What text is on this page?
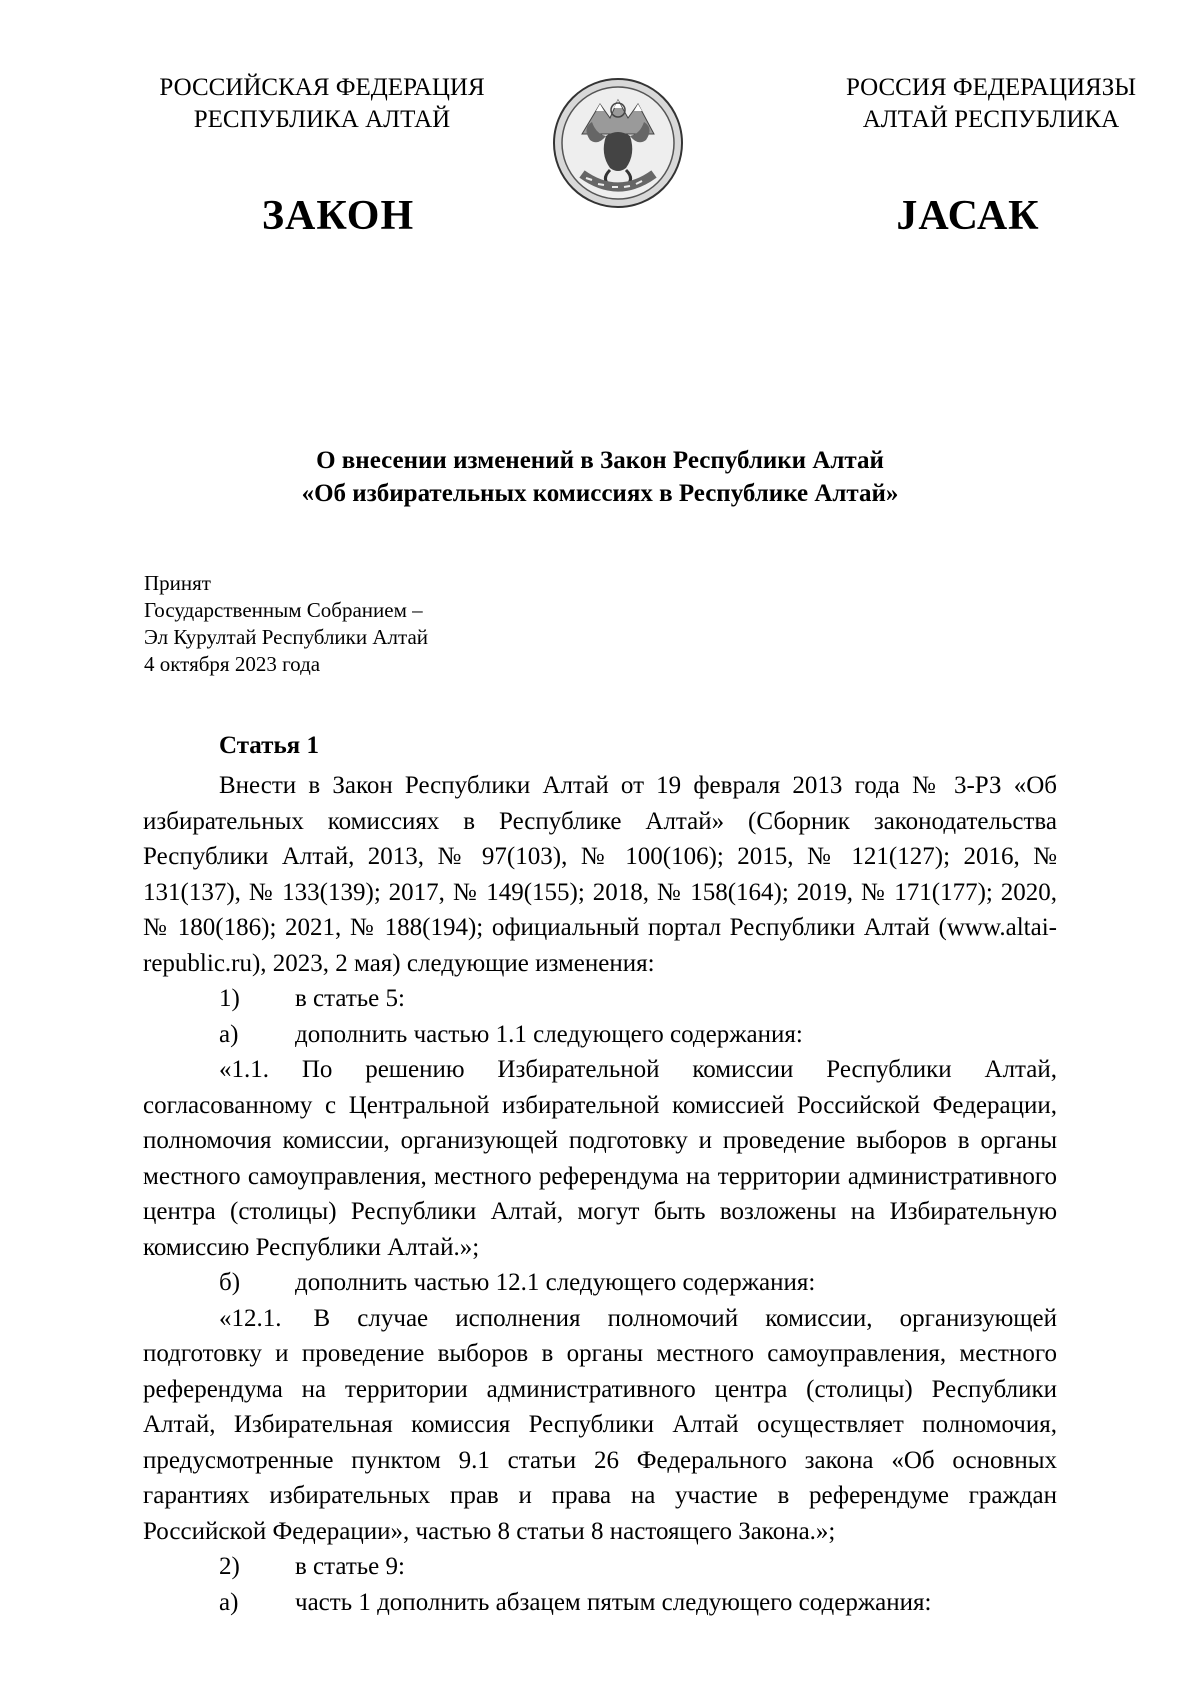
РОССИЙСКАЯ ФЕДЕРАЦИЯ
РЕСПУБЛИКА АЛТАЙ
РОССИЯ ФЕДЕРАЦИЯЗЫ
АЛТАЙ РЕСПУБЛИКА
ЗАКОН	JАСАК
О внесении изменений в Закон Республики Алтай
«Об избирательных комиссиях в Республике Алтай»
Принят
Государственным Собранием –
Эл Курултай Республики Алтай
4 октября 2023 года
Статья 1

Внести в Закон Республики Алтай от 19 февраля 2013 года № 3-РЗ «Об избирательных комиссиях в Республике Алтай» (Сборник законодательства Республики Алтай, 2013, № 97(103), № 100(106); 2015, № 121(127); 2016, № 131(137), № 133(139); 2017, № 149(155); 2018, № 158(164); 2019, № 171(177); 2020, № 180(186); 2021, № 188(194); официальный портал Республики Алтай (www.altai-republic.ru), 2023, 2 мая) следующие изменения:

1) в статье 5:

а) дополнить частью 1.1 следующего содержания:

«1.1. По решению Избирательной комиссии Республики Алтай, согласованному с Центральной избирательной комиссией Российской Федерации, полномочия комиссии, организующей подготовку и проведение выборов в органы местного самоуправления, местного референдума на территории административного центра (столицы) Республики Алтай, могут быть возложены на Избирательную комиссию Республики Алтай.»;

б) дополнить частью 12.1 следующего содержания:

«12.1. В случае исполнения полномочий комиссии, организующей подготовку и проведение выборов в органы местного самоуправления, местного референдума на территории административного центра (столицы) Республики Алтай, Избирательная комиссия Республики Алтай осуществляет полномочия, предусмотренные пунктом 9.1 статьи 26 Федерального закона «Об основных гарантиях избирательных прав и права на участие в референдуме граждан Российской Федерации», частью 8 статьи 8 настоящего Закона.»;

2) в статье 9:

а) часть 1 дополнить абзацем пятым следующего содержания:
